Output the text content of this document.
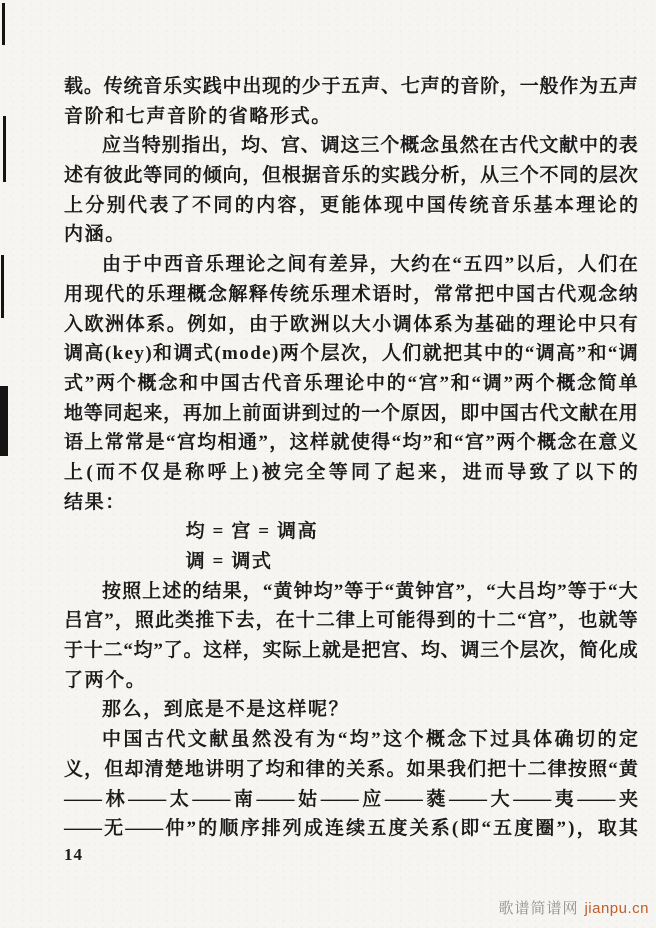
载 。 传 统 音 乐 实 践 中 出 现 的 少 于 五 声 、 七 声 的 音 阶 ， 一 般 作 为 五 声
音阶和七声音阶的省略形式。
应 当 特 别 指 出 ， 均 、 宫 、 调 这 三 个 概 念 虽 然 在 古 代 文 献 中 的 表
述 有 彼 此 等 同 的 倾 向 ， 但 根 据 音 乐 的 实 践 分 析 ， 从 三 个 不 同 的 层 次
上 分 别 代 表 了 不 同 的 内 容 ， 更 能 体 现 中 国 传 统 音 乐 基 本 理 论 的
内涵。
由 于 中 西 音 乐 理 论 之 间 有 差 异 ， 大 约 在 “ 五 四 ” 以 后 ， 人 们 在
用 现 代 的 乐 理 概 念 解 释 传 统 乐 理 术 语 时 ， 常 常 把 中 国 古 代 观 念 纳
入 欧 洲 体 系 。 例 如 ， 由 于 欧 洲 以 大 小 调 体 系 为 基 础 的 理 论 中 只 有
调 高 ( k e y ) 和 调 式 ( m o d e ) 两 个 层 次 ， 人 们 就 把 其 中 的 “ 调 高 ” 和 “ 调
式 ” 两 个 概 念 和 中 国 古 代 音 乐 理 论 中 的 “ 宫 ” 和 “ 调 ” 两 个 概 念 简 单
地 等 同 起 来 ， 再 加 上 前 面 讲 到 过 的 一 个 原 因 ， 即 中 国 古 代 文 献 在 用
语 上 常 常 是 “ 宫 均 相 通 ” ， 这 样 就 使 得 “ 均 ” 和 “ 宫 ” 两 个 概 念 在 意 义
上 ( 而 不 仅 是 称 呼 上 ) 被 完 全 等 同 了 起 来 ， 进 而 导 致 了 以 下 的
结果：
均 = 宫 = 调高
调 = 调式
按 照 上 述 的 结 果 ， “ 黄 钟 均 ” 等 于 “ 黄 钟 宫 ” ， “ 大 吕 均 ” 等 于 “ 大
吕 宫 ” ， 照 此 类 推 下 去 ， 在 十 二 律 上 可 能 得 到 的 十 二 “ 宫 ” ， 也 就 等
于 十 二 “ 均 ” 了 。 这 样 ， 实 际 上 就 是 把 宫 、 均 、 调 三 个 层 次 ， 简 化 成
了两个。
那么，到底是不是这样呢？
中 国 古 代 文 献 虽 然 没 有 为 “ 均 ” 这 个 概 念 下 过 具 体 确 切 的 定
义 ， 但 却 清 楚 地 讲 明 了 均 和 律 的 关 系 。 如 果 我 们 把 十 二 律 按 照 “ 黄
—— 林 —— 太 —— 南 —— 姑 —— 应 —— 蕤 —— 大 —— 夷 —— 夹
—— 无 —— 仲 ” 的 顺 序 排 列 成 连 续 五 度 关 系 ( 即 “ 五 度 圈 ” ) ， 取 其
14
歌谱简谱网 jianpu.cn
